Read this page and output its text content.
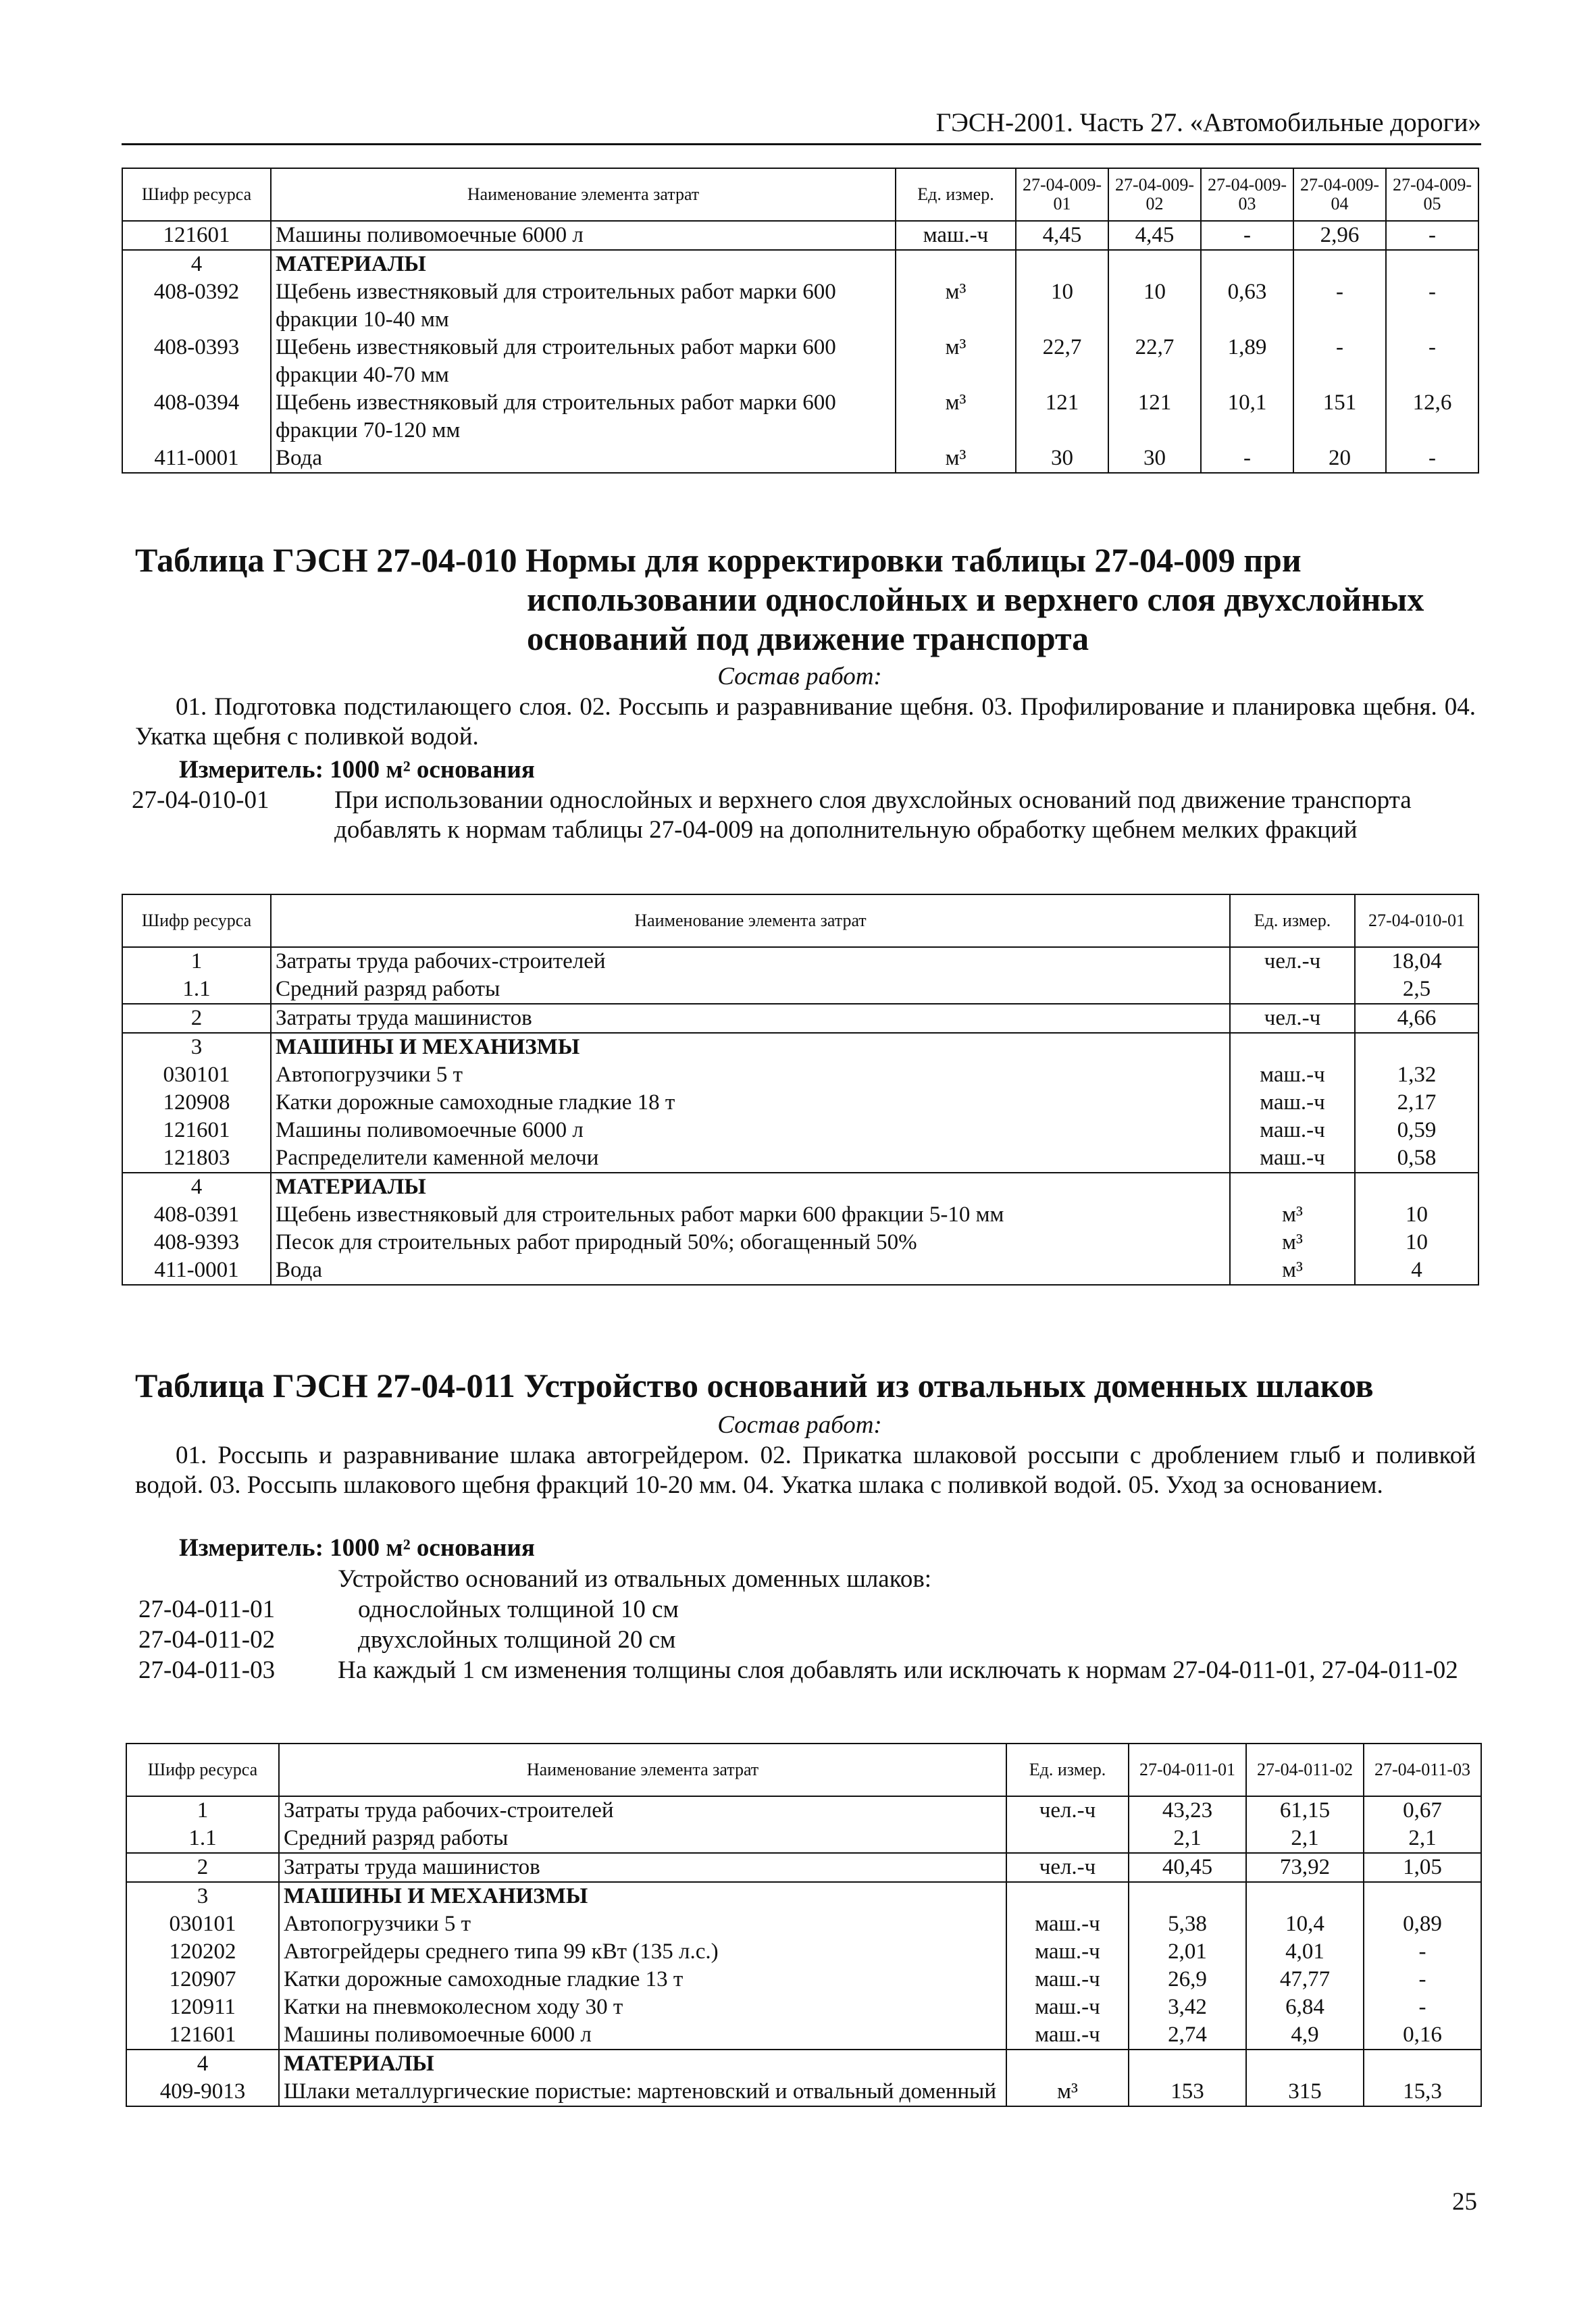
ГЭСН-2001. Часть 27. «Автомобильные дороги»
Шифр ресурса	Наименование элемента затрат	Ед. измер.	27-04-009-01	27-04-009-02	27-04-009-03	27-04-009-04	27-04-009-05
121601	Машины поливомоечные 6000 л	маш.-ч	4,45	4,45	-	2,96	-
4	МАТЕРИАЛЫ						
408-0392	Щебень известняковый для строительных работ марки 600 фракции 10-40 мм	м³	10	10	0,63	-	-
408-0393	Щебень известняковый для строительных работ марки 600 фракции 40-70 мм	м³	22,7	22,7	1,89	-	-
408-0394	Щебень известняковый для строительных работ марки 600 фракции 70-120 мм	м³	121	121	10,1	151	12,6
411-0001	Вода	м³	30	30	-	20	-
Таблица ГЭСН 27-04-010 Нормы для корректировки таблицы 27-04-009 при
использовании однослойных и верхнего слоя двухслойных
оснований под движение транспорта
Состав работ:
01. Подготовка подстилающего слоя. 02. Россыпь и разравнивание щебня. 03. Профилирование и планировка щебня. 04. Укатка щебня с поливкой водой.
Измеритель: 1000 м² основания
27-04-010-01	При использовании однослойных и верхнего слоя двухслойных оснований под движение транспорта добавлять к нормам таблицы 27-04-009 на дополнительную обработку щебнем мелких фракций
Шифр ресурса	Наименование элемента затрат	Ед. измер.	27-04-010-01
1	Затраты труда рабочих-строителей	чел.-ч	18,04
1.1	Средний разряд работы		2,5
2	Затраты труда машинистов	чел.-ч	4,66
3	МАШИНЫ И МЕХАНИЗМЫ		
030101	Автопогрузчики 5 т	маш.-ч	1,32
120908	Катки дорожные самоходные гладкие 18 т	маш.-ч	2,17
121601	Машины поливомоечные 6000 л	маш.-ч	0,59
121803	Распределители каменной мелочи	маш.-ч	0,58
4	МАТЕРИАЛЫ		
408-0391	Щебень известняковый для строительных работ марки 600 фракции 5-10 мм	м³	10
408-9393	Песок для строительных работ природный 50%; обогащенный 50%	м³	10
411-0001	Вода	м³	4
Таблица ГЭСН 27-04-011 Устройство оснований из отвальных доменных шлаков
Состав работ:
01. Россыпь и разравнивание шлака автогрейдером. 02. Прикатка шлаковой россыпи с дроблением глыб и поливкой водой. 03. Россыпь шлакового щебня фракций 10-20 мм. 04. Укатка шлака с поливкой водой. 05. Уход за основанием.
Измеритель: 1000 м² основания
Устройство оснований из отвальных доменных шлаков:
27-04-011-01	однослойных толщиной 10 см
27-04-011-02	двухслойных толщиной 20 см
27-04-011-03	На каждый 1 см изменения толщины слоя добавлять или исключать к нормам 27-04-011-01, 27-04-011-02
Шифр ресурса	Наименование элемента затрат	Ед. измер.	27-04-011-01	27-04-011-02	27-04-011-03
1	Затраты труда рабочих-строителей	чел.-ч	43,23	61,15	0,67
1.1	Средний разряд работы		2,1	2,1	2,1
2	Затраты труда машинистов	чел.-ч	40,45	73,92	1,05
3	МАШИНЫ И МЕХАНИЗМЫ				
030101	Автопогрузчики 5 т	маш.-ч	5,38	10,4	0,89
120202	Автогрейдеры среднего типа 99 кВт (135 л.с.)	маш.-ч	2,01	4,01	-
120907	Катки дорожные самоходные гладкие 13 т	маш.-ч	26,9	47,77	-
120911	Катки на пневмоколесном ходу 30 т	маш.-ч	3,42	6,84	-
121601	Машины поливомоечные 6000 л	маш.-ч	2,74	4,9	0,16
4	МАТЕРИАЛЫ				
409-9013	Шлаки металлургические пористые: мартеновский и отвальный доменный	м³	153	315	15,3
25
